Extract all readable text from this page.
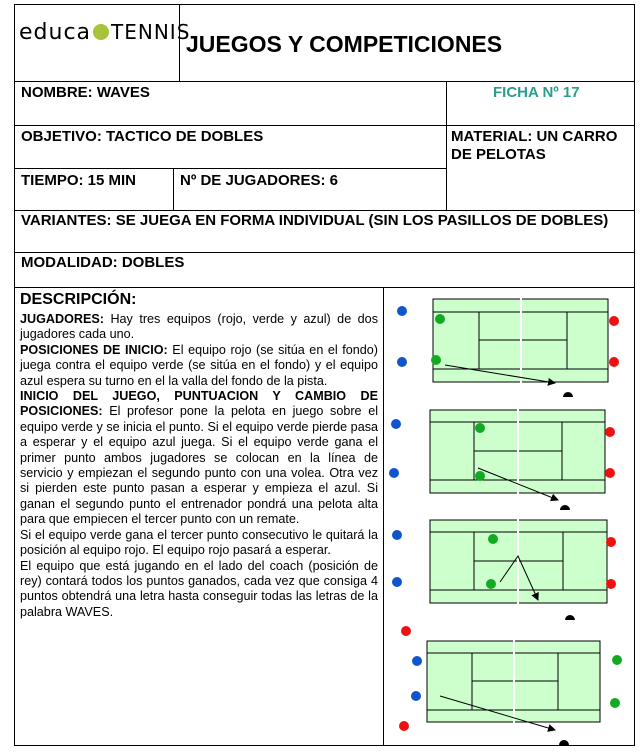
educa TENNIS
JUEGOS Y COMPETICIONES
NOMBRE: WAVES	FICHA Nº 17
OBJETIVO: TACTICO DE DOBLES	MATERIAL: UN CARRO DE PELOTAS
TIEMPO: 15 MIN	Nº DE JUGADORES: 6
VARIANTES: SE JUEGA EN FORMA INDIVIDUAL (SIN LOS PASILLOS DE DOBLES)
MODALIDAD: DOBLES
DESCRIPCIÓN:

JUGADORES: Hay tres equipos (rojo, verde y azul) de dos jugadores cada uno.

POSICIONES DE INICIO: El equipo rojo (se sitúa en el fondo) juega contra el equipo verde (se sitúa en el fondo) y el equipo azul espera su turno en el la valla del fondo de la pista.

INICIO DEL JUEGO, PUNTUACION Y CAMBIO DE POSICIONES: El profesor pone la pelota en juego sobre el equipo verde y se inicia el punto. Si el equipo verde pierde pasa a esperar y el equipo azul juega. Si el equipo verde gana el primer punto ambos jugadores se colocan en la línea de servicio y empiezan el segundo punto con una volea. Otra vez si pierden este punto pasan a esperar y empieza el azul. Si ganan el segundo punto el entrenador pondrá una pelota alta para que empiecen el tercer punto con un remate.

Si el equipo verde gana el tercer punto consecutivo le quitará la posición al equipo rojo. El equipo rojo pasará a esperar.

El equipo que está jugando en el lado del coach (posición de rey) contará todos los puntos ganados, cada vez que consiga 4 puntos obtendrá una letra hasta conseguir todas las letras de la palabra WAVES.
